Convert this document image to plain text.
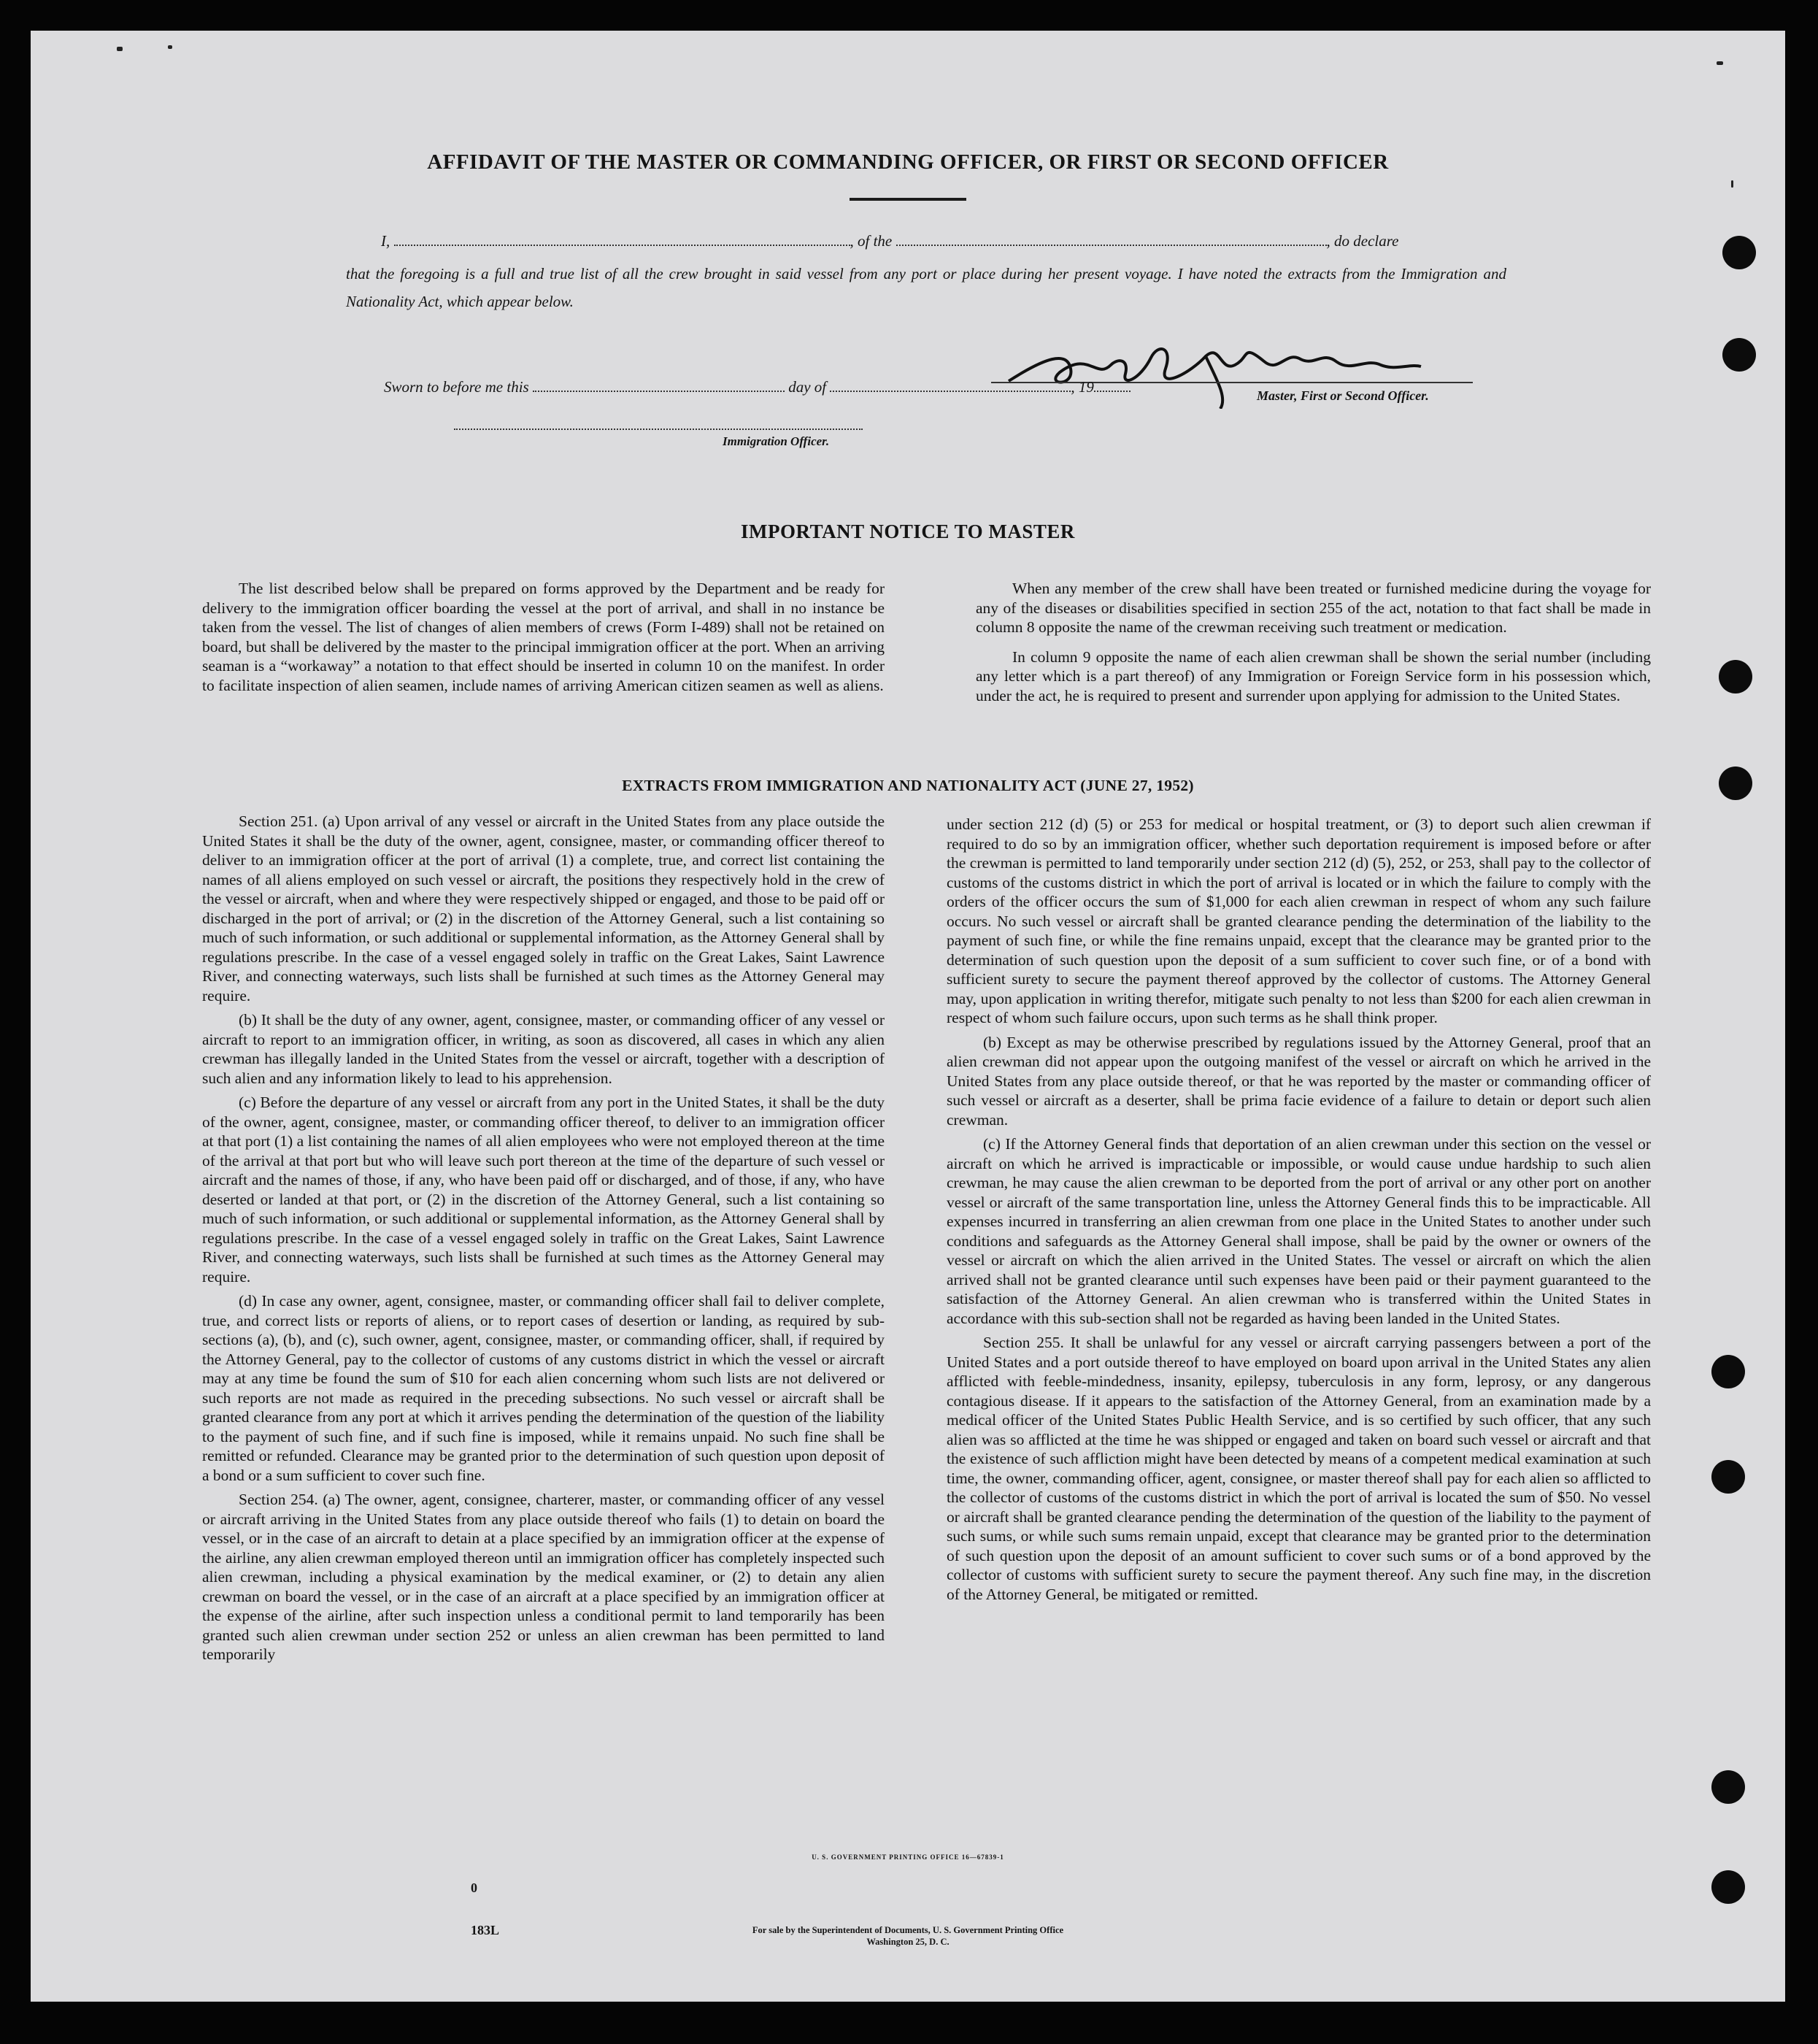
AFFIDAVIT OF THE MASTER OR COMMANDING OFFICER, OR FIRST OR SECOND OFFICER
I,	, of the	, do declare
that the foregoing is a full and true list of all the crew brought in said vessel from any port or place during her present voyage. I have noted the extracts from the Immigration and Nationality Act, which appear below.
Master, First or Second Officer.
Sworn to before me this	day of	, 19
Immigration Officer.
IMPORTANT NOTICE TO MASTER

The list described below shall be prepared on forms approved by the Department and be ready for delivery to the immigration officer boarding the vessel at the port of arrival, and shall in no instance be taken from the vessel. The list of changes of alien members of crews (Form I-489) shall not be retained on board, but shall be delivered by the master to the principal immigration officer at the port. When an arriving seaman is a “workaway” a notation to that effect should be inserted in column 10 on the manifest. In order to facilitate inspection of alien seamen, include names of arriving American citizen seamen as well as aliens.

When any member of the crew shall have been treated or furnished medicine during the voyage for any of the diseases or disabilities specified in section 255 of the act, notation to that fact shall be made in column 8 opposite the name of the crewman receiving such treatment or medication.

In column 9 opposite the name of each alien crewman shall be shown the serial number (including any letter which is a part thereof) of any Immigration or Foreign Service form in his possession which, under the act, he is required to present and surrender upon applying for admission to the United States.

EXTRACTS FROM IMMIGRATION AND NATIONALITY ACT (JUNE 27, 1952)

Section 251. (a) Upon arrival of any vessel or aircraft in the United States from any place outside the United States it shall be the duty of the owner, agent, consignee, master, or commanding officer thereof to deliver to an immigration officer at the port of arrival (1) a complete, true, and correct list containing the names of all aliens employed on such vessel or aircraft, the positions they respectively hold in the crew of the vessel or aircraft, when and where they were respectively shipped or engaged, and those to be paid off or discharged in the port of arrival; or (2) in the discretion of the Attorney General, such a list containing so much of such information, or such additional or supplemental information, as the Attorney General shall by regulations prescribe. In the case of a vessel engaged solely in traffic on the Great Lakes, Saint Lawrence River, and connecting waterways, such lists shall be furnished at such times as the Attorney General may require.

(b) It shall be the duty of any owner, agent, consignee, master, or commanding officer of any vessel or aircraft to report to an immigration officer, in writing, as soon as discovered, all cases in which any alien crewman has illegally landed in the United States from the vessel or aircraft, together with a description of such alien and any information likely to lead to his apprehension.

(c) Before the departure of any vessel or aircraft from any port in the United States, it shall be the duty of the owner, agent, consignee, master, or commanding officer thereof, to deliver to an immigration officer at that port (1) a list containing the names of all alien employees who were not employed thereon at the time of the arrival at that port but who will leave such port thereon at the time of the departure of such vessel or aircraft and the names of those, if any, who have been paid off or discharged, and of those, if any, who have deserted or landed at that port, or (2) in the discretion of the Attorney General, such a list containing so much of such information, or such additional or supplemental information, as the Attorney General shall by regulations prescribe. In the case of a vessel engaged solely in traffic on the Great Lakes, Saint Lawrence River, and connecting waterways, such lists shall be furnished at such times as the Attorney General may require.

(d) In case any owner, agent, consignee, master, or commanding officer shall fail to deliver complete, true, and correct lists or reports of aliens, or to report cases of desertion or landing, as required by sub-sections (a), (b), and (c), such owner, agent, consignee, master, or commanding officer, shall, if required by the Attorney General, pay to the collector of customs of any customs district in which the vessel or aircraft may at any time be found the sum of $10 for each alien concerning whom such lists are not delivered or such reports are not made as required in the preceding subsections. No such vessel or aircraft shall be granted clearance from any port at which it arrives pending the determination of the question of the liability to the payment of such fine, and if such fine is imposed, while it remains unpaid. No such fine shall be remitted or refunded. Clearance may be granted prior to the determination of such question upon deposit of a bond or a sum sufficient to cover such fine.

Section 254. (a) The owner, agent, consignee, charterer, master, or commanding officer of any vessel or aircraft arriving in the United States from any place outside thereof who fails (1) to detain on board the vessel, or in the case of an aircraft to detain at a place specified by an immigration officer at the expense of the airline, any alien crewman employed thereon until an immigration officer has completely inspected such alien crewman, including a physical examination by the medical examiner, or (2) to detain any alien crewman on board the vessel, or in the case of an aircraft at a place specified by an immigration officer at the expense of the airline, after such inspection unless a conditional permit to land temporarily has been granted such alien crewman under section 252 or unless an alien crewman has been permitted to land temporarily

under section 212 (d) (5) or 253 for medical or hospital treatment, or (3) to deport such alien crewman if required to do so by an immigration officer, whether such deportation requirement is imposed before or after the crewman is permitted to land temporarily under section 212 (d) (5), 252, or 253, shall pay to the collector of customs of the customs district in which the port of arrival is located or in which the failure to comply with the orders of the officer occurs the sum of $1,000 for each alien crewman in respect of whom any such failure occurs. No such vessel or aircraft shall be granted clearance pending the determination of the liability to the payment of such fine, or while the fine remains unpaid, except that the clearance may be granted prior to the determination of such question upon the deposit of a sum sufficient to cover such fine, or of a bond with sufficient surety to secure the payment thereof approved by the collector of customs. The Attorney General may, upon application in writing therefor, mitigate such penalty to not less than $200 for each alien crewman in respect of whom such failure occurs, upon such terms as he shall think proper.

(b) Except as may be otherwise prescribed by regulations issued by the Attorney General, proof that an alien crewman did not appear upon the outgoing manifest of the vessel or aircraft on which he arrived in the United States from any place outside thereof, or that he was reported by the master or commanding officer of such vessel or aircraft as a deserter, shall be prima facie evidence of a failure to detain or deport such alien crewman.

(c) If the Attorney General finds that deportation of an alien crewman under this section on the vessel or aircraft on which he arrived is impracticable or impossible, or would cause undue hardship to such alien crewman, he may cause the alien crewman to be deported from the port of arrival or any other port on another vessel or aircraft of the same transportation line, unless the Attorney General finds this to be impracticable. All expenses incurred in transferring an alien crewman from one place in the United States to another under such conditions and safeguards as the Attorney General shall impose, shall be paid by the owner or owners of the vessel or aircraft on which the alien arrived in the United States. The vessel or aircraft on which the alien arrived shall not be granted clearance until such expenses have been paid or their payment guaranteed to the satisfaction of the Attorney General. An alien crewman who is transferred within the United States in accordance with this sub-section shall not be regarded as having been landed in the United States.

Section 255. It shall be unlawful for any vessel or aircraft carrying passengers between a port of the United States and a port outside thereof to have employed on board upon arrival in the United States any alien afflicted with feeble-mindedness, insanity, epilepsy, tuberculosis in any form, leprosy, or any dangerous contagious disease. If it appears to the satisfaction of the Attorney General, from an examination made by a medical officer of the United States Public Health Service, and is so certified by such officer, that any such alien was so afflicted at the time he was shipped or engaged and taken on board such vessel or aircraft and that the existence of such affliction might have been detected by means of a competent medical examination at such time, the owner, commanding officer, agent, consignee, or master thereof shall pay for each alien so afflicted to the collector of customs of the customs district in which the port of arrival is located the sum of $50. No vessel or aircraft shall be granted clearance pending the determination of the question of the liability to the payment of such sums, or while such sums remain unpaid, except that clearance may be granted prior to the determination of such question upon the deposit of an amount sufficient to cover such sums or of a bond approved by the collector of customs with sufficient surety to secure the payment thereof. Any such fine may, in the discretion of the Attorney General, be mitigated or remitted.

U. S. GOVERNMENT PRINTING OFFICE 16—67839-1
0
183L	For sale by the Superintendent of Documents, U. S. Government Printing Office
Washington 25, D. C.
